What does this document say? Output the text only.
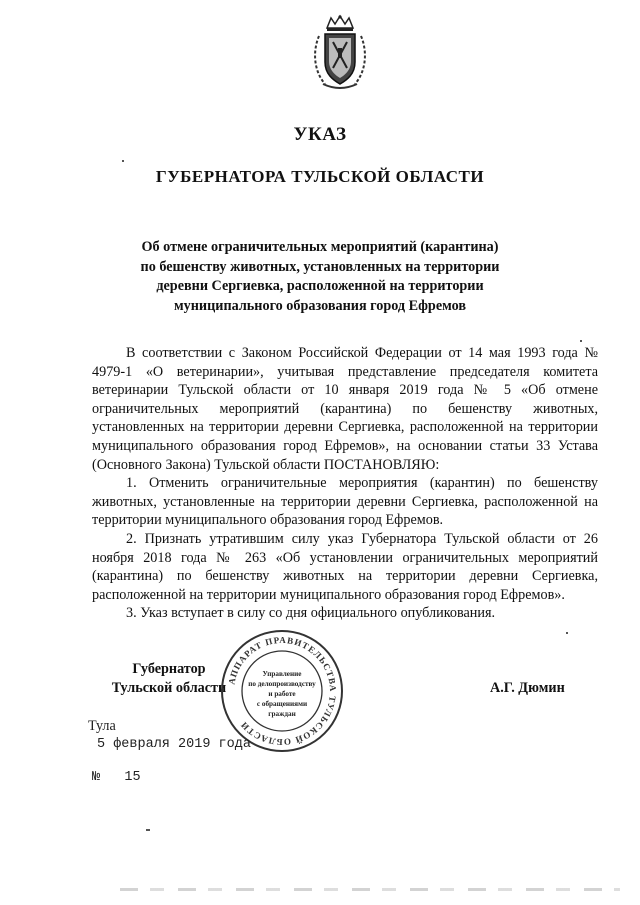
УКАЗ
ГУБЕРНАТОРА ТУЛЬСКОЙ ОБЛАСТИ
Об отмене ограничительных мероприятий (карантина)
по бешенству животных, установленных на территории
деревни Сергиевка, расположенной на территории
муниципального образования город Ефремов

В соответствии с Законом Российской Федерации от 14 мая 1993 года № 4979-1 «О ветеринарии», учитывая представление председателя комитета ветеринарии Тульской области от 10 января 2019 года № 5 «Об отмене ограничительных мероприятий (карантина) по бешенству животных, установленных на территории деревни Сергиевка, расположенной на территории муниципального образования город Ефремов», на основании статьи 33 Устава (Основного Закона) Тульской области ПОСТАНОВЛЯЮ:

1. Отменить ограничительные мероприятия (карантин) по бешенству животных, установленные на территории деревни Сергиевка, расположенной на территории муниципального образования город Ефремов.

2. Признать утратившим силу указ Губернатора Тульской области от 26 ноября 2018 года № 263 «Об установлении ограничительных мероприятий (карантина) по бешенству животных на территории деревни Сергиевка, расположенной на территории муниципального образования город Ефремов».

3. Указ вступает в силу со дня официального опубликования.

Губернатор
Тульской области АППАРАТ ПРАВИТЕЛЬСТВА ТУЛЬСКОЙ ОБЛАСТИ
Управление
по делопроизводству
и работе
с обращениями
граждан
А.Г. Дюмин
Тула
5 февраля 2019 года
№   15
